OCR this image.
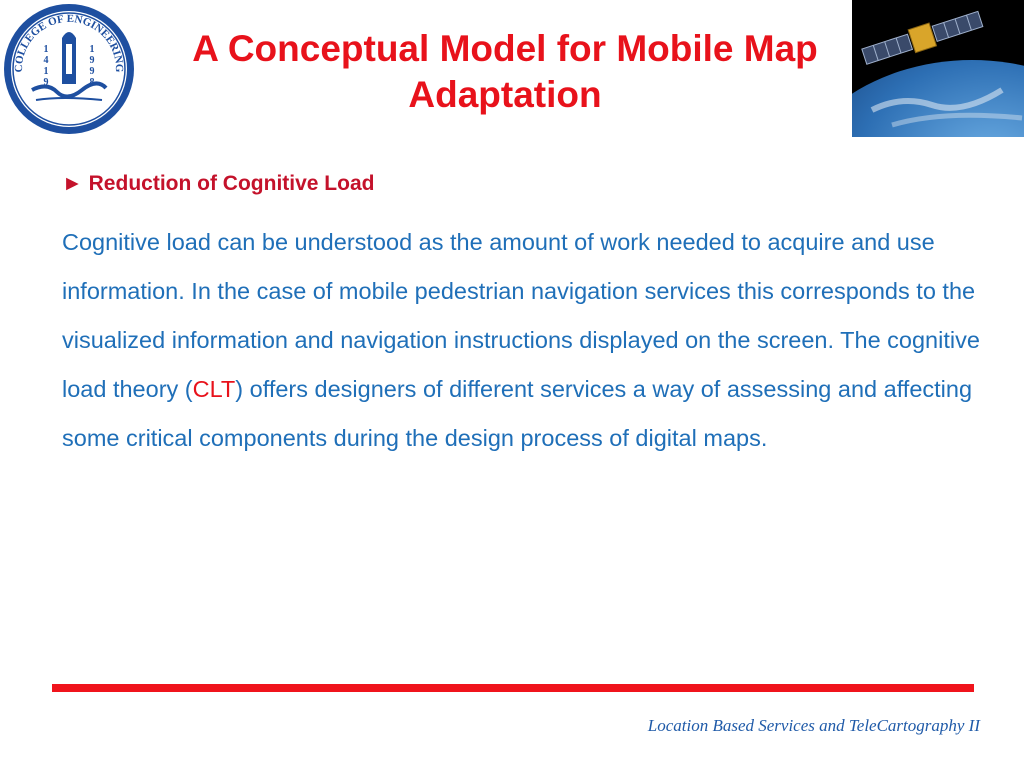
COLLEGE OF ENGINEERING
1
4
1
9
1
9
9
8
A Conceptual Model for Mobile Map
Adaptation
► Reduction of Cognitive Load
Cognitive load can be understood as the amount of work needed to acquire and use information. In the case of mobile pedestrian navigation services this corresponds to the visualized information and navigation instructions displayed on the screen. The cognitive load theory (CLT) offers designers of different services a way of assessing and affecting some critical components during the design process of digital maps.
Location Based Services and TeleCartography II
